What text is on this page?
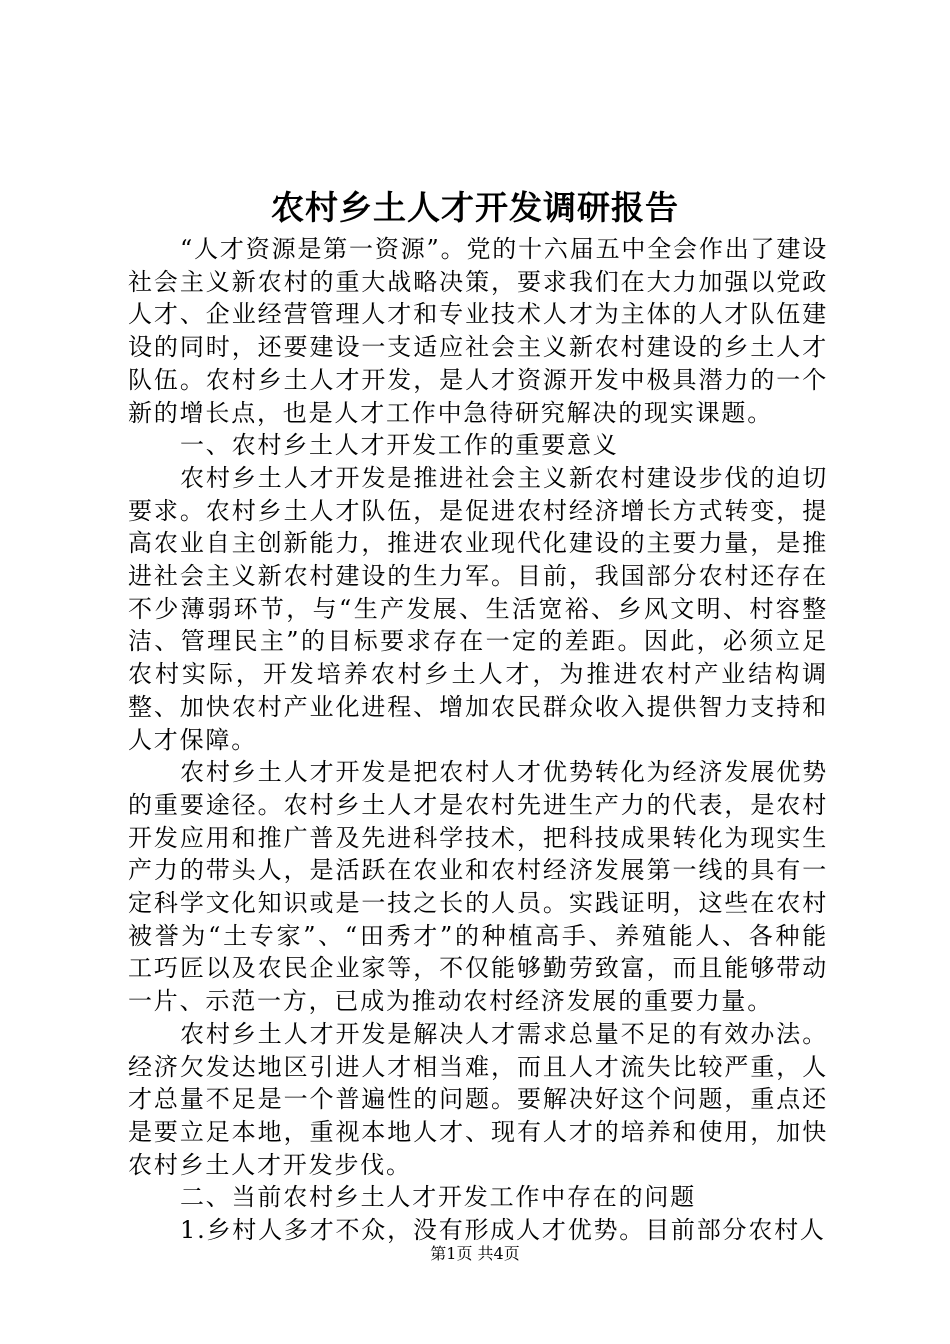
农村乡土人才开发调研报告

“人才资源是第一资源”。党的十六届五中全会作出了建设社会主义新农村的重大战略决策，要求我们在大力加强以党政人才、企业经营管理人才和专业技术人才为主体的人才队伍建设的同时，还要建设一支适应社会主义新农村建设的乡土人才队伍。农村乡土人才开发，是人才资源开发中极具潜力的一个新的增长点，也是人才工作中急待研究解决的现实课题。

一、农村乡土人才开发工作的重要意义

农村乡土人才开发是推进社会主义新农村建设步伐的迫切要求。农村乡土人才队伍，是促进农村经济增长方式转变，提高农业自主创新能力，推进农业现代化建设的主要力量，是推进社会主义新农村建设的生力军。目前，我国部分农村还存在不少薄弱环节，与“生产发展、生活宽裕、乡风文明、村容整洁、管理民主”的目标要求存在一定的差距。因此，必须立足农村实际，开发培养农村乡土人才，为推进农村产业结构调整、加快农村产业化进程、增加农民群众收入提供智力支持和人才保障。

农村乡土人才开发是把农村人才优势转化为经济发展优势的重要途径。农村乡土人才是农村先进生产力的代表，是农村开发应用和推广普及先进科学技术，把科技成果转化为现实生产力的带头人，是活跃在农业和农村经济发展第一线的具有一定科学文化知识或是一技之长的人员。实践证明，这些在农村被誉为“土专家”、“田秀才”的种植高手、养殖能人、各种能工巧匠以及农民企业家等，不仅能够勤劳致富，而且能够带动一片、示范一方，已成为推动农村经济发展的重要力量。

农村乡土人才开发是解决人才需求总量不足的有效办法。经济欠发达地区引进人才相当难，而且人才流失比较严重，人才总量不足是一个普遍性的问题。要解决好这个问题，重点还是要立足本地，重视本地人才、现有人才的培养和使用，加快农村乡土人才开发步伐。

二、当前农村乡土人才开发工作中存在的问题

1.乡村人多才不众，没有形成人才优势。目前部分农村人

第1页 共4页
